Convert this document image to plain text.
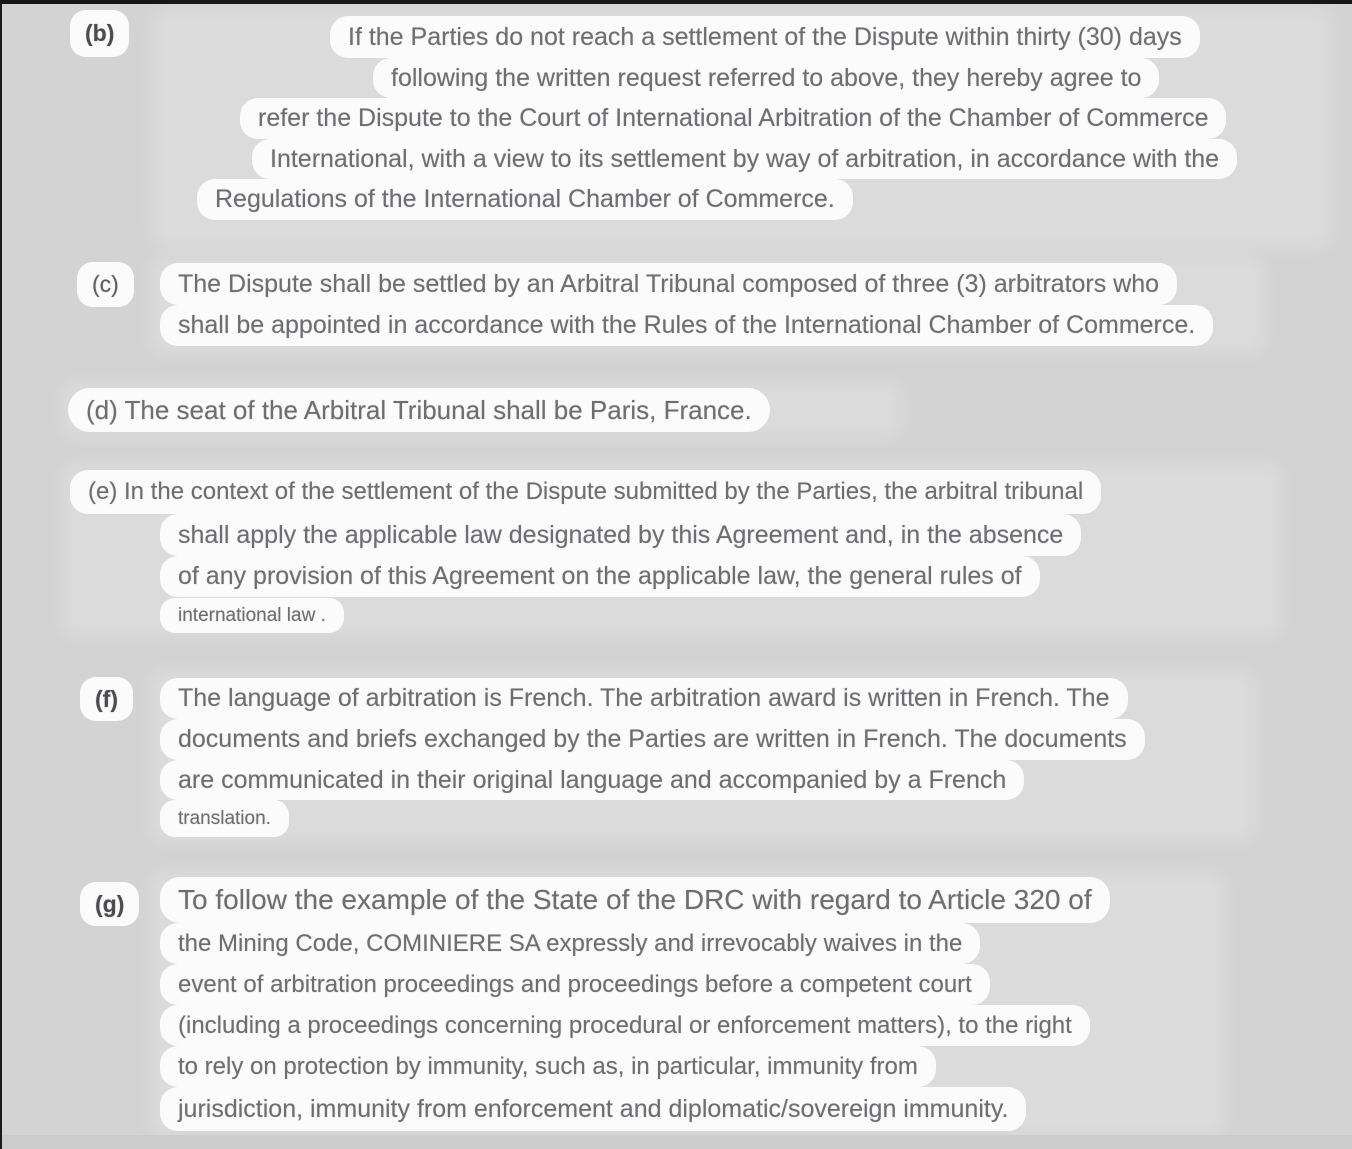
(b)	If the Parties do not reach a settlement of the Dispute within thirty (30) days
following the written request referred to above, they hereby agree to
refer the Dispute to the Court of International Arbitration of the Chamber of Commerce
International, with a view to its settlement by way of arbitration, in accordance with the
Regulations of the International Chamber of Commerce.
(c)	The Dispute shall be settled by an Arbitral Tribunal composed of three (3) arbitrators who
shall be appointed in accordance with the Rules of the International Chamber of Commerce.
(d) The seat of the Arbitral Tribunal shall be Paris, France.
(e) In the context of the settlement of the Dispute submitted by the Parties, the arbitral tribunal
shall apply the applicable law designated by this Agreement and, in the absence
of any provision of this Agreement on the applicable law, the general rules of
international law .
(f)	The language of arbitration is French. The arbitration award is written in French. The
documents and briefs exchanged by the Parties are written in French. The documents
are communicated in their original language and accompanied by a French
translation.
(g)	To follow the example of the State of the DRC with regard to Article 320 of
the Mining Code, COMINIERE SA expressly and irrevocably waives in the
event of arbitration proceedings and proceedings before a competent court
(including a proceedings concerning procedural or enforcement matters), to the right
to rely on protection by immunity, such as, in particular, immunity from
jurisdiction, immunity from enforcement and diplomatic/sovereign immunity.
